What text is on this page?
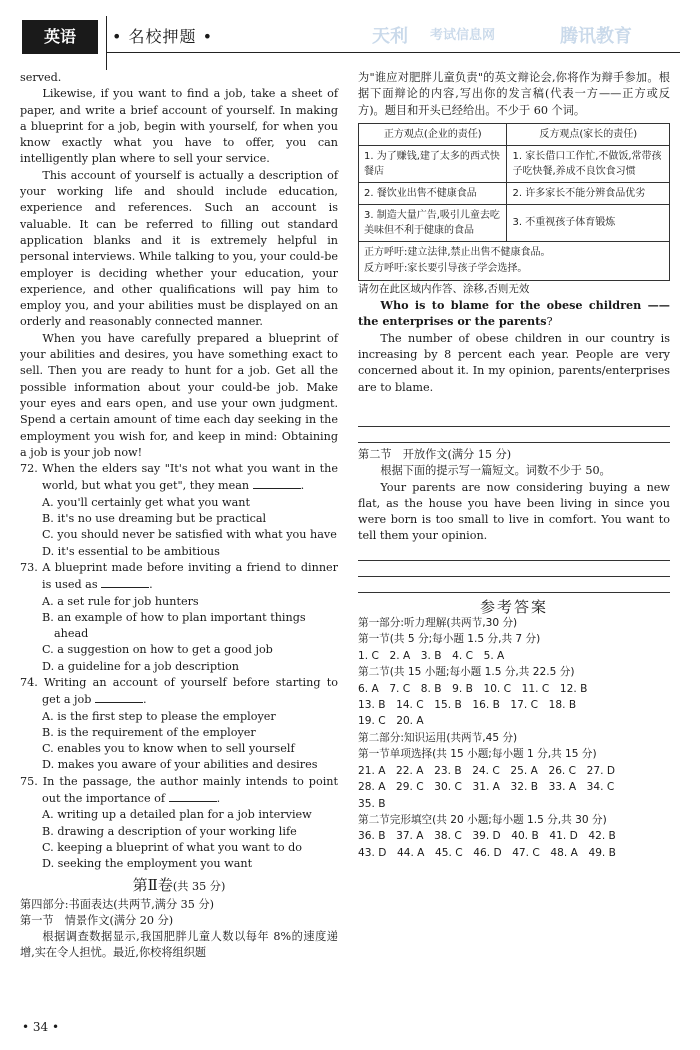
英语	• 名校押题 •	天利 考试信息网	腾讯教育

served.

Likewise, if you want to find a job, take a sheet of paper, and write a brief account of yourself. In making a blueprint for a job, begin with yourself, for when you know exactly what you have to offer, you can intelligently plan where to sell your service.

This account of yourself is actually a description of your working life and should include education, experience and references. Such an account is valuable. It can be referred to filling out standard application blanks and it is extremely helpful in personal interviews. While talking to you, your could-be employer is deciding whether your education, your experience, and other qualifications will pay him to employ you, and your abilities must be displayed on an orderly and reasonably connected manner.

When you have carefully prepared a blueprint of your abilities and desires, you have something exact to sell. Then you are ready to hunt for a job. Get all the possible information about your could-be job. Make your eyes and ears open, and use your own judgment. Spend a certain amount of time each day seeking in the employment you wish for, and keep in mind: Obtaining a job is your job now!

72. When the elders say "It's not what you want in the world, but what you get", they mean	.

A. you'll certainly get what you want
B. it's no use dreaming but be practical
C. you should never be satisfied with what you have
D. it's essential to be ambitious

73. A blueprint made before inviting a friend to dinner is used as	.

A. a set rule for job hunters
B. an example of how to plan important things ahead
C. a suggestion on how to get a good job
D. a guideline for a job description

74. Writing an account of yourself before starting to get a job	.

A. is the first step to please the employer
B. is the requirement of the employer
C. enables you to know when to sell yourself
D. makes you aware of your abilities and desires

75. In the passage, the author mainly intends to point out the importance of	.

A. writing up a detailed plan for a job interview
B. drawing a description of your working life
C. keeping a blueprint of what you want to do
D. seeking the employment you want
第Ⅱ卷(共 35 分)

第四部分:书面表达(共两节,满分 35 分)

第一节　情景作文(满分 20 分)

根据调查数据显示,我国肥胖儿童人数以每年 8%的速度递增,实在令人担忧。最近,你校将组织题

为"谁应对肥胖儿童负责"的英文辩论会,你将作为辩手参加。根据下面辩论的内容,写出你的发言稿(代表一方——正方或反方)。题目和开头已经给出。不少于 60 个词。

正方观点(企业的责任)	反方观点(家长的责任)
1. 为了赚钱,建了太多的西式快餐店	1. 家长借口工作忙,不做饭,常带孩子吃快餐,养成不良饮食习惯
2. 餐饮业出售不健康食品	2. 许多家长不能分辨食品优劣
3. 制造大量广告,吸引儿童去吃美味但不利于健康的食品	3. 不重视孩子体育锻炼

正方呼吁:建立法律,禁止出售不健康食品。
反方呼吁:家长要引导孩子学会选择。	

请勿在此区域内作答、涂移,否则无效

Who is to blame for the obese children —— the enterprises or the parents?

The number of obese children in our country is increasing by 8 percent each year. People are very concerned about it. In my opinion, parents/enterprises are to blame.

第二节　开放作文(满分 15 分)

根据下面的提示写一篇短文。词数不少于 50。

Your parents are now considering buying a new flat, as the house you have been living in since you were born is too small to live in comfort. You want to tell them your opinion.

参考答案
第一部分:听力理解(共两节,30 分)
第一节(共 5 分;每小题 1.5 分,共 7 分)
1. C　2. A　3. B　4. C　5. A
第二节(共 15 小题;每小题 1.5 分,共 22.5 分)
6. A　7. C　8. B　9. B　10. C　11. C　12. B
13. B　14. C　15. B　16. B　17. C　18. B
19. C　20. A
第二部分:知识运用(共两节,45 分)
第一节单项选择(共 15 小题;每小题 1 分,共 15 分)
21. A　22. A　23. B　24. C　25. A　26. C　27. D
28. A　29. C　30. C　31. A　32. B　33. A　34. C
35. B
第二节完形填空(共 20 小题;每小题 1.5 分,共 30 分)
36. B　37. A　38. C　39. D　40. B　41. D　42. B
43. D　44. A　45. C　46. D　47. C　48. A　49. B
• 34 •
